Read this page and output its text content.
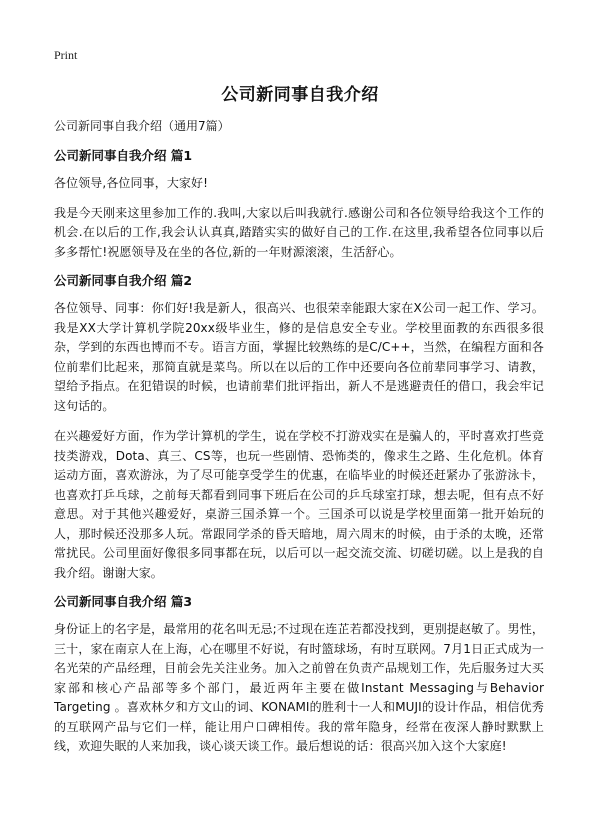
Print
公司新同事自我介绍
公司新同事自我介绍（通用7篇）
公司新同事自我介绍 篇1
各位领导,各位同事，大家好!
我是今天刚来这里参加工作的.我叫,大家以后叫我就行.感谢公司和各位领导给我这个工作的机会.在以后的工作,我会认认真真,踏踏实实的做好自己的工作.在这里,我希望各位同事以后多多帮忙!祝愿领导及在坐的各位,新的一年财源滚滚，生活舒心。
公司新同事自我介绍 篇2
各位领导、同事：你们好!我是新人，很高兴、也很荣幸能跟大家在X公司一起工作、学习。我是XX大学计算机学院20xx级毕业生，修的是信息安全专业。学校里面教的东西很多很杂，学到的东西也博而不专。语言方面，掌握比较熟练的是C/C++，当然，在编程方面和各位前辈们比起来，那简直就是菜鸟。所以在以后的工作中还要向各位前辈同事学习、请教，望给予指点。在犯错误的时候，也请前辈们批评指出，新人不是逃避责任的借口，我会牢记这句话的。
在兴趣爱好方面，作为学计算机的学生，说在学校不打游戏实在是骗人的，平时喜欢打些竞技类游戏，Dota、真三、CS等，也玩一些剧情、恐怖类的，像求生之路、生化危机。体育运动方面，喜欢游泳，为了尽可能享受学生的优惠，在临毕业的时候还赶紧办了张游泳卡，也喜欢打乒乓球，之前每天都看到同事下班后在公司的乒乓球室打球，想去呢，但有点不好意思。对于其他兴趣爱好，桌游三国杀算一个。三国杀可以说是学校里面第一批开始玩的人，那时候还没那多人玩。常跟同学杀的昏天暗地，周六周末的时候，由于杀的太晚，还常常扰民。公司里面好像很多同事都在玩，以后可以一起交流交流、切磋切磋。以上是我的自我介绍。谢谢大家。
公司新同事自我介绍 篇3
身份证上的名字是，最常用的花名叫无忌;不过现在连芷若都没找到，更别提赵敏了。男性，三十，家在南京人在上海，心在哪里不好说，有时篮球场，有时互联网。7月1日正式成为一名光荣的产品经理，目前会先关注业务。加入之前曾在负责产品规划工作，先后服务过大买家部和核心产品部等多个部门，最近两年主要在做Instant Messaging与Behavior Targeting 。喜欢林夕和方文山的词、KONAMI的胜利十一人和MUJI的设计作品，相信优秀的互联网产品与它们一样，能让用户口碑相传。我的常年隐身，经常在夜深人静时默默上线，欢迎失眠的人来加我，谈心谈天谈工作。最后想说的话：很高兴加入这个大家庭!
